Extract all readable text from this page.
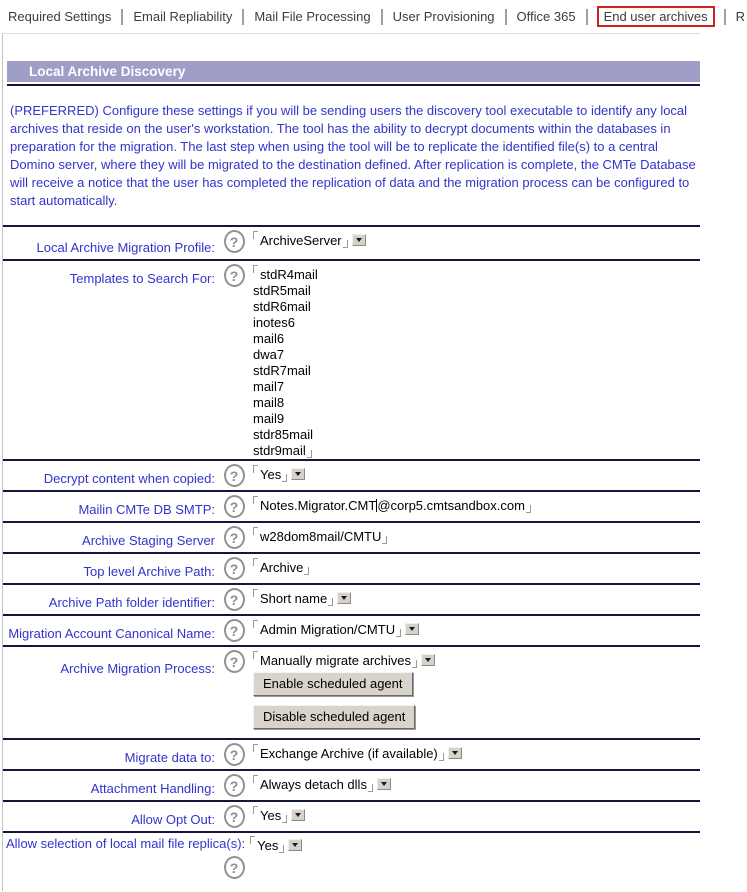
Required Settings Email Repliability Mail File Processing User Provisioning Office 365 End user archives R
Local Archive Discovery

(PREFERRED) Configure these settings if you will be sending users the discovery tool executable to identify any local archives that reside on the user's workstation. The tool has the ability to decrypt documents within the databases in preparation for the migration. The last step when using the tool will be to replicate the identified file(s) to a central Domino server, where they will be migrated to the destination defined. After replication is complete, the CMTe Database will receive a notice that the user has completed the replication of data and the migration process can be configured to start automatically.

Local Archive Migration Profile:	?	ArchiveServer
Templates to Search For:	?	stdR4mail
stdR5mail
stdR6mail
inotes6
mail6
dwa7
stdR7mail
mail7
mail8
mail9
stdr85mail
stdr9mail
Decrypt content when copied:	?	Yes
Mailin CMTe DB SMTP:	?	Notes.Migrator.CMT@corp5.cmtsandbox.com
Archive Staging Server	?	w28dom8mail/CMTU
Top level Archive Path:	?	Archive
Archive Path folder identifier:	?	Short name
Migration Account Canonical Name:	?	Admin Migration/CMTU
Archive Migration Process:	?	Manually migrate archives
Enable scheduled agent
Disable scheduled agent
Migrate data to:	?	Exchange Archive (if available)
Attachment Handling:	?	Always detach dlls
Allow Opt Out:	?	Yes
Allow selection of local mail file replica(s): Yes
?
